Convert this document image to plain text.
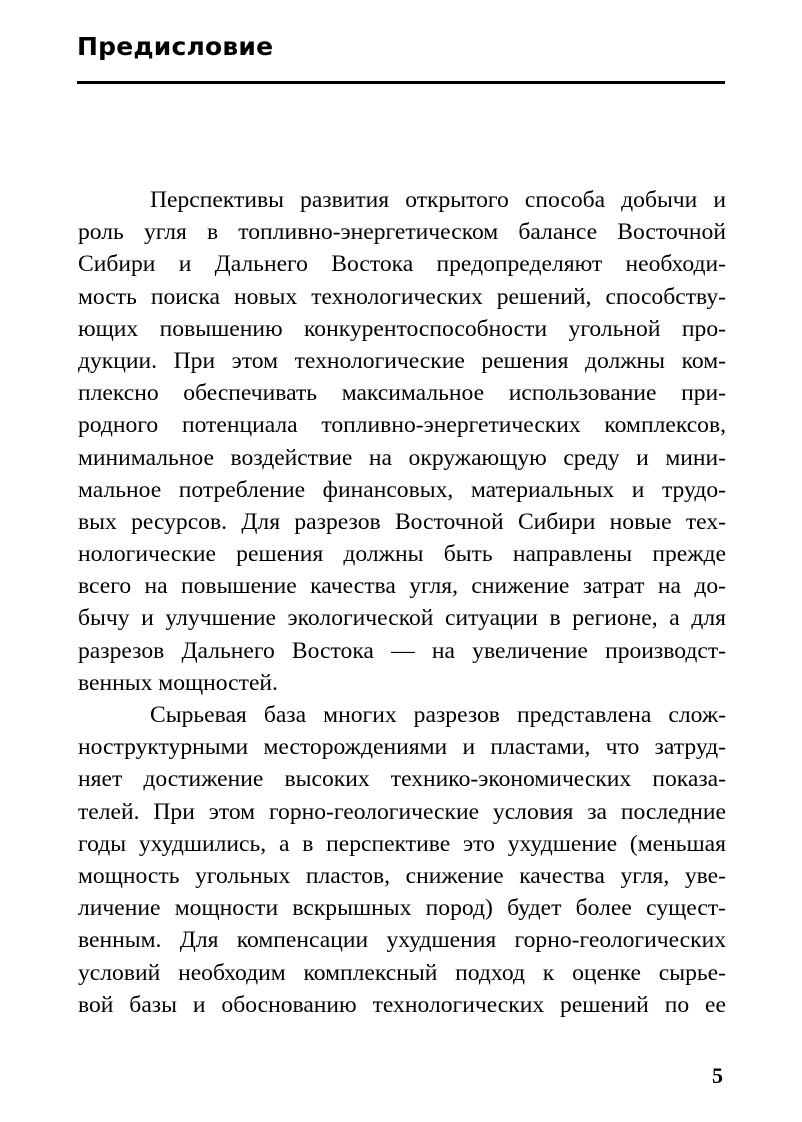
Предисловие
Перспективы развития открытого способа добычи и
роль угля в топливно-энергетическом балансе Восточной
Сибири и Дальнего Востока предопределяют необходи-
мость поиска новых технологических решений, способству-
ющих повышению конкурентоспособности угольной про-
дукции. При этом технологические решения должны ком-
плексно обеспечивать максимальное использование при-
родного потенциала топливно-энергетических комплексов,
минимальное воздействие на окружающую среду и мини-
мальное потребление финансовых, материальных и трудо-
вых ресурсов. Для разрезов Восточной Сибири новые тех-
нологические решения должны быть направлены прежде
всего на повышение качества угля, снижение затрат на до-
бычу и улучшение экологической ситуации в регионе, а для
разрезов Дальнего Востока — на увеличение производст-
венных мощностей.
Сырьевая база многих разрезов представлена слож-
ноструктурными месторождениями и пластами, что затруд-
няет достижение высоких технико-экономических показа-
телей. При этом горно-геологические условия за последние
годы ухудшились, а в перспективе это ухудшение (меньшая
мощность угольных пластов, снижение качества угля, уве-
личение мощности вскрышных пород) будет более сущест-
венным. Для компенсации ухудшения горно-геологических
условий необходим комплексный подход к оценке сырье-
вой базы и обоснованию технологических решений по ее
5
